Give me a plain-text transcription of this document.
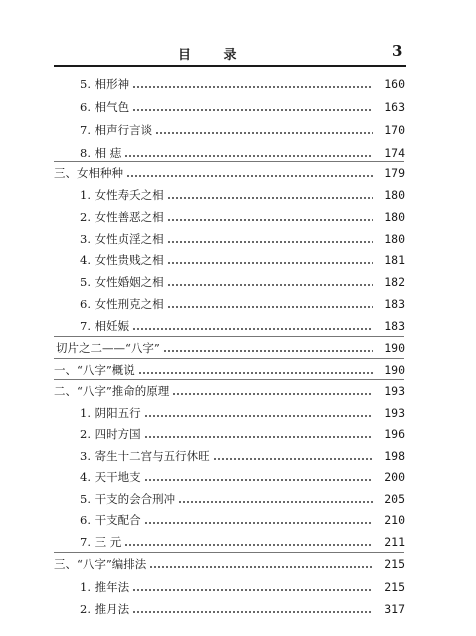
目 录	3
5. 相形神	160
6. 相气色	163
7. 相声行言谈	170
8. 相 痣	174
三、女相种种	179
1. 女性寿夭之相	180
2. 女性善恶之相	180
3. 女性贞淫之相	180
4. 女性贵贱之相	181
5. 女性婚姻之相	182
6. 女性刑克之相	183
7. 相妊娠	183
切片之二——“八字”	190
一、“八字”概说	190
二、“八字”推命的原理	193
1. 阴阳五行	193
2. 四时方国	196
3. 寄生十二宫与五行休旺	198
4. 天干地支	200
5. 干支的会合刑冲	205
6. 干支配合	210
7. 三 元	211
三、“八字”编排法	215
1. 推年法	215
2. 推月法	317
